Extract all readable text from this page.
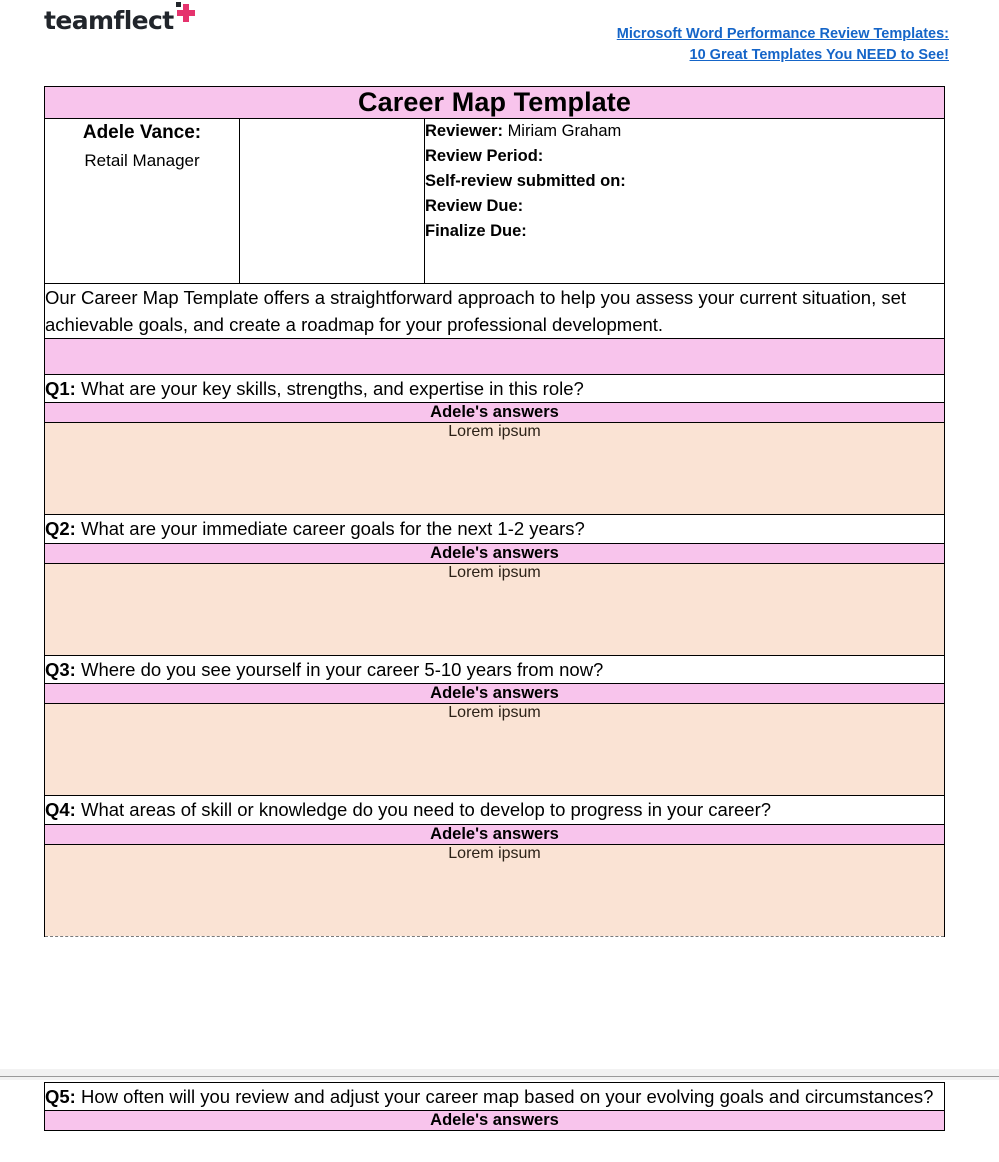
teamflect	Microsoft Word Performance Review Templates:
10 Great Templates You NEED to See!
Career Map Template

Adele Vance:
Retail Manager

Reviewer: Miriam Graham
Review Period:
Self-review submitted on:
Review Due:
Finalize Due:

Our Career Map Template offers a straightforward approach to help you assess your current situation, set achievable goals, and create a roadmap for your professional development.

Q1: What are your key skills, strengths, and expertise in this role?
Adele's answers
Lorem ipsum
Q2: What are your immediate career goals for the next 1-2 years?
Adele's answers
Lorem ipsum
Q3: Where do you see yourself in your career 5-10 years from now?
Adele's answers
Lorem ipsum
Q4: What areas of skill or knowledge do you need to develop to progress in your career?
Adele's answers
Lorem ipsum
Q5: How often will you review and adjust your career map based on your evolving goals and circumstances?
Adele's answers
